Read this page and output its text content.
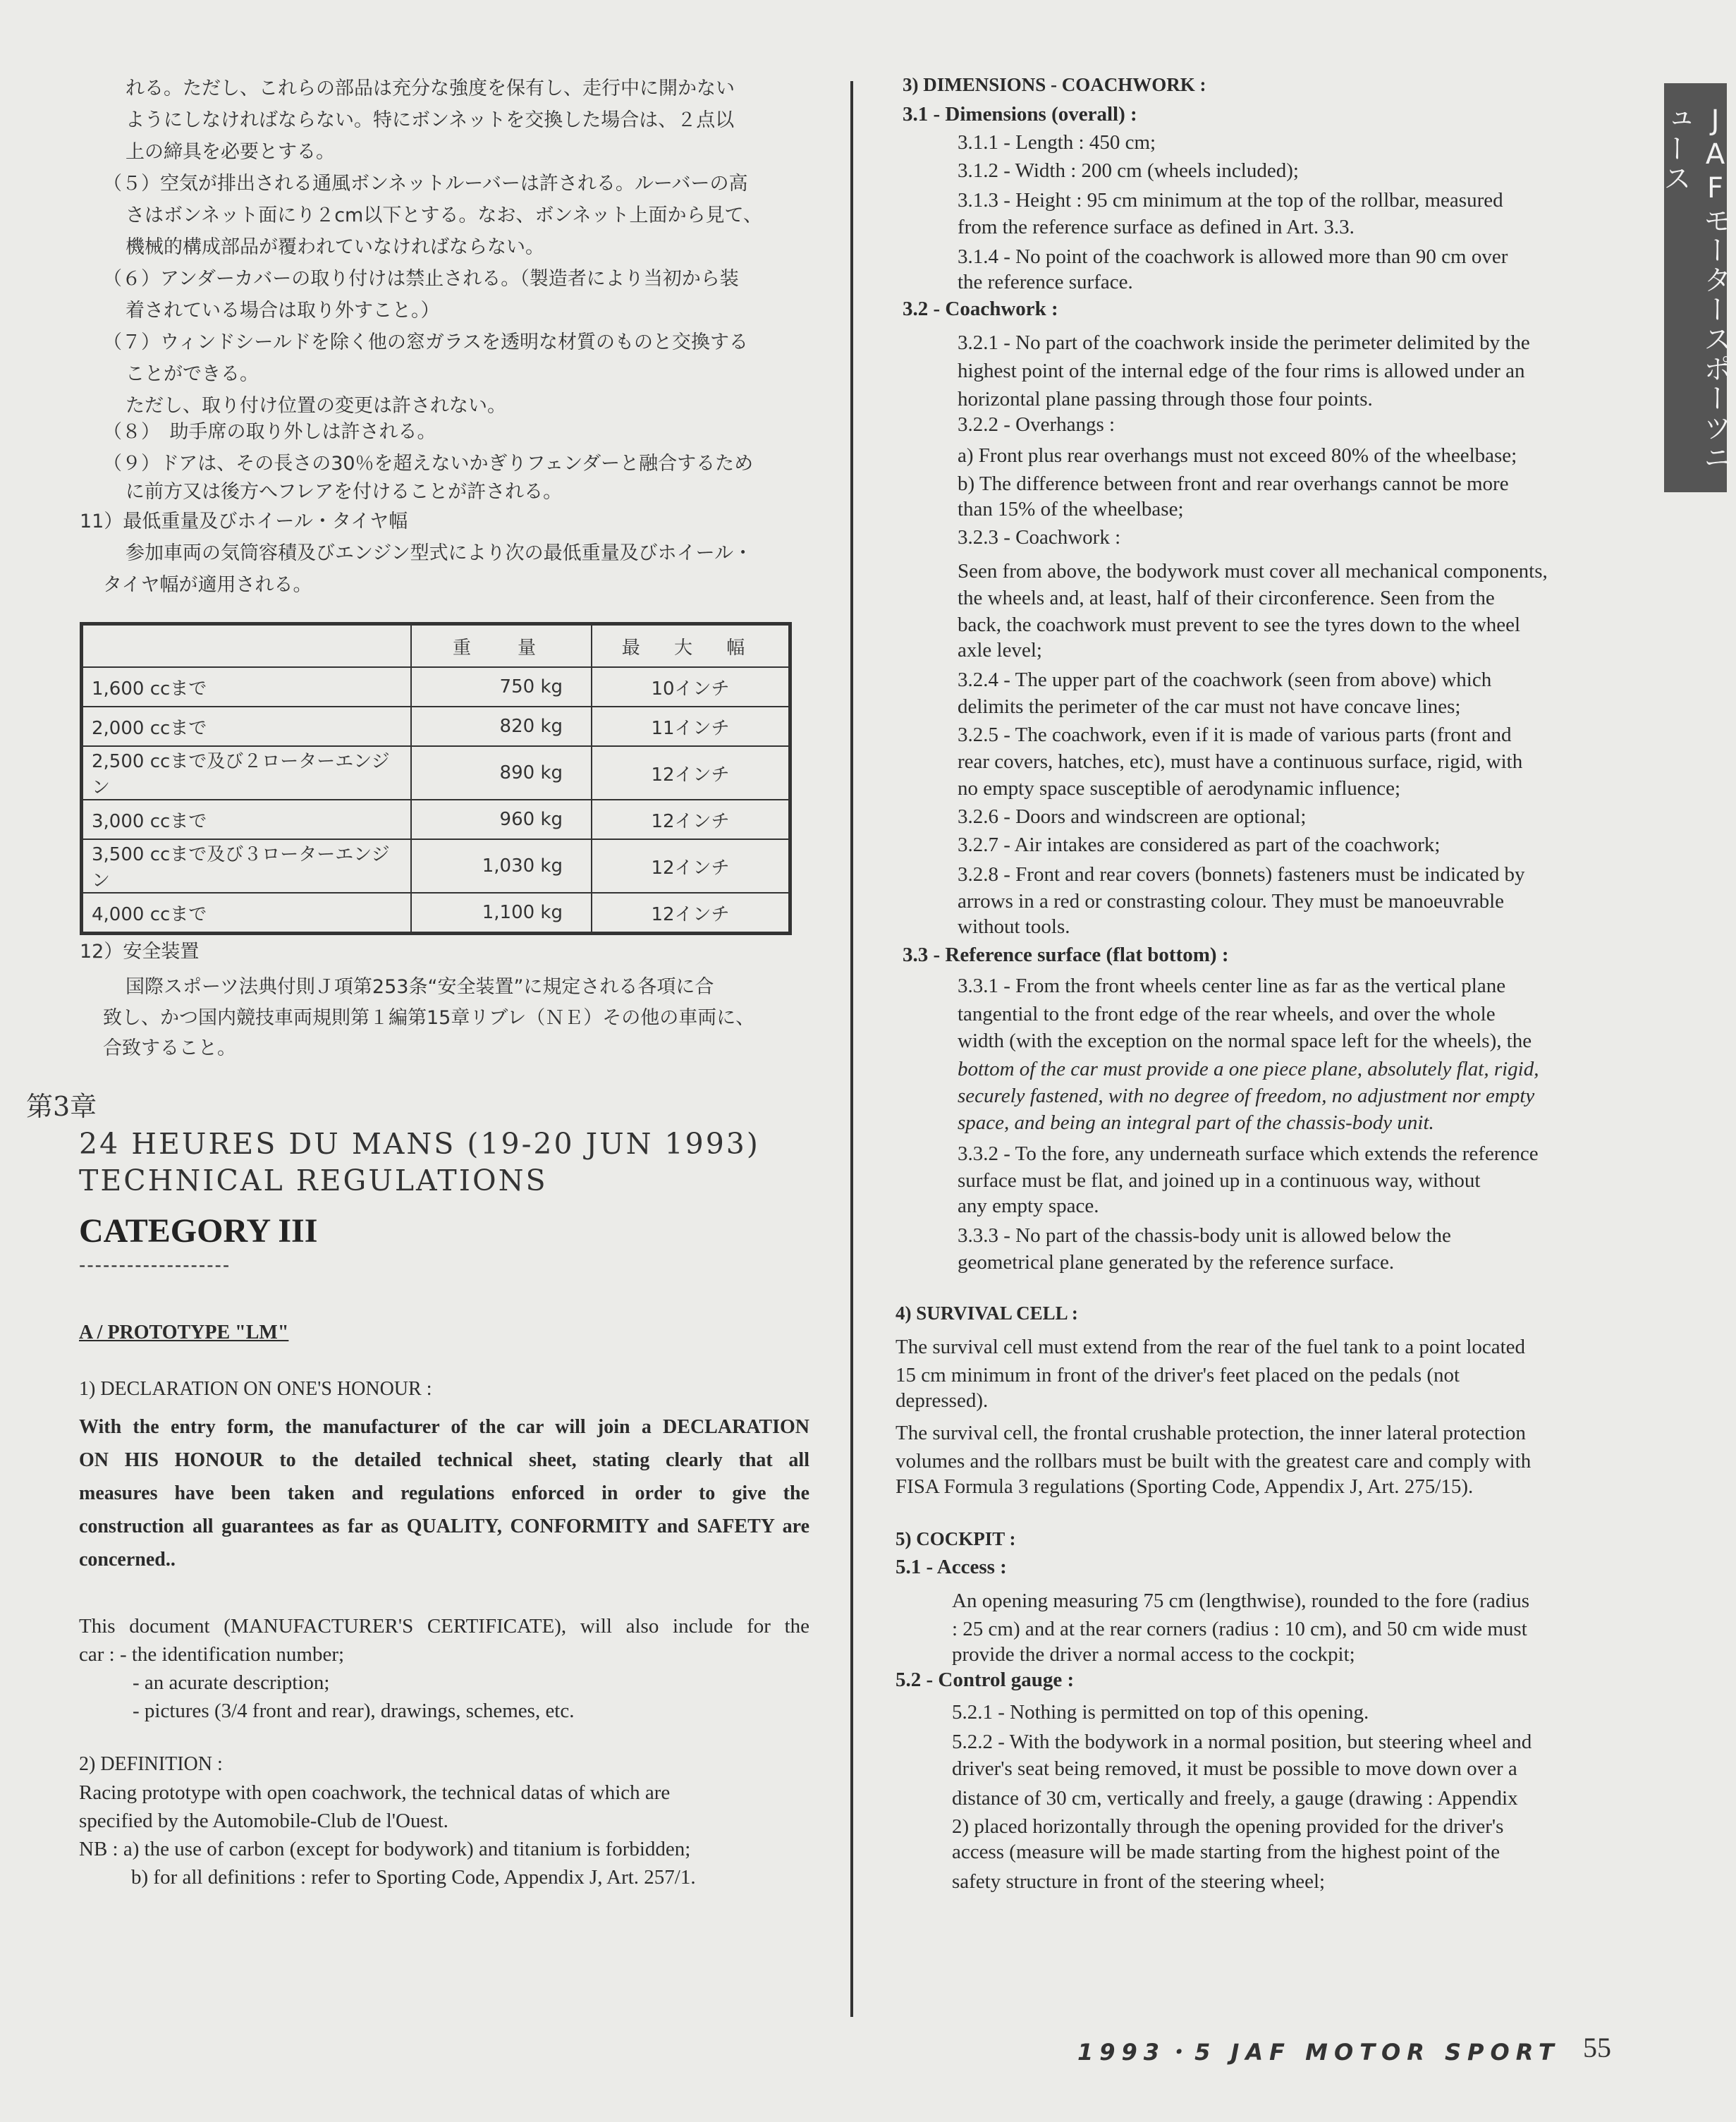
JAFモータースポーツニュース
れる。ただし、これらの部品は充分な強度を保有し、走行中に開かない
ようにしなければならない。特にボンネットを交換した場合は、２点以
上の締具を必要とする。
（５）空気が排出される通風ボンネットルーバーは許される。ルーバーの高
さはボンネット面にり２cm以下とする。なお、ボンネット上面から見て、
機械的構成部品が覆われていなければならない。
（６）アンダーカバーの取り付けは禁止される。（製造者により当初から装
着されている場合は取り外すこと。）
（７）ウィンドシールドを除く他の窓ガラスを透明な材質のものと交換する
ことができる。
ただし、取り付け位置の変更は許されない。
（８）　助手席の取り外しは許される。
（９）ドアは、その長さの30％を超えないかぎりフェンダーと融合するため
に前方又は後方へフレアを付けることが許される。
11）最低重量及びホイール・タイヤ幅
参加車両の気筒容積及びエンジン型式により次の最低重量及びホイール・
タイヤ幅が適用される。
	重　量	最 大 幅
1,600 ccまで	750 kg	10インチ
2,000 ccまで	820 kg	11インチ
2,500 ccまで及び２ローターエンジン	890 kg	12インチ
3,000 ccまで	960 kg	12インチ
3,500 ccまで及び３ローターエンジン	1,030 kg	12インチ
4,000 ccまで	1,100 kg	12インチ
12）安全装置
国際スポーツ法典付則Ｊ項第253条“安全装置”に規定される各項に合
致し、かつ国内競技車両規則第１編第15章リブレ（ＮＥ）その他の車両に、
合致すること。
第3章
24 HEURES DU MANS (19-20 JUN 1993)
TECHNICAL REGULATIONS
CATEGORY III
-------------------
A / PROTOTYPE "LM"
1) DECLARATION ON ONE'S HONOUR :
With the entry form, the manufacturer of the car will join a DECLARATION
ON HIS HONOUR to the detailed technical sheet, stating clearly that all
measures have been taken and regulations enforced in order to give the
construction all guarantees as far as QUALITY, CONFORMITY and SAFETY are
concerned..
This document (MANUFACTURER'S CERTIFICATE), will also include for the
car : - the identification number;
- an acurate description;
- pictures (3/4 front and rear), drawings, schemes, etc.
2) DEFINITION :
Racing prototype with open coachwork, the technical datas of which are
specified by the Automobile-Club de l'Ouest.
NB : a) the use of carbon (except for bodywork) and titanium is forbidden;
b) for all definitions : refer to Sporting Code, Appendix J, Art. 257/1.
3) DIMENSIONS - COACHWORK :
3.1 - Dimensions (overall) :
3.1.1 - Length : 450 cm;
3.1.2 - Width : 200 cm (wheels included);
3.1.3 - Height : 95 cm minimum at the top of the rollbar, measured
from the reference surface as defined in Art. 3.3.
3.1.4 - No point of the coachwork is allowed more than 90 cm over
the reference surface.
3.2 - Coachwork :
3.2.1 - No part of the coachwork inside the perimeter delimited by the
highest point of the internal edge of the four rims is allowed under an
horizontal plane passing through those four points.
3.2.2 - Overhangs :
a) Front plus rear overhangs must not exceed 80% of the wheelbase;
b) The difference between front and rear overhangs cannot be more
than 15% of the wheelbase;
3.2.3 - Coachwork :
Seen from above, the bodywork must cover all mechanical components,
the wheels and, at least, half of their circonference. Seen from the
back, the coachwork must prevent to see the tyres down to the wheel
axle level;
3.2.4 - The upper part of the coachwork (seen from above) which
delimits the perimeter of the car must not have concave lines;
3.2.5 - The coachwork, even if it is made of various parts (front and
rear covers, hatches, etc), must have a continuous surface, rigid, with
no empty space susceptible of aerodynamic influence;
3.2.6 - Doors and windscreen are optional;
3.2.7 - Air intakes are considered as part of the coachwork;
3.2.8 - Front and rear covers (bonnets) fasteners must be indicated by
arrows in a red or constrasting colour. They must be manoeuvrable
without tools.
3.3 - Reference surface (flat bottom) :
3.3.1 - From the front wheels center line as far as the vertical plane
tangential to the front edge of the rear wheels, and over the whole
width (with the exception on the normal space left for the wheels), the
bottom of the car must provide a one piece plane, absolutely flat, rigid,
securely fastened, with no degree of freedom, no adjustment nor empty
space, and being an integral part of the chassis-body unit.
3.3.2 - To the fore, any underneath surface which extends the reference
surface must be flat, and joined up in a continuous way, without
any empty space.
3.3.3 - No part of the chassis-body unit is allowed below the
geometrical plane generated by the reference surface.
4) SURVIVAL CELL :
The survival cell must extend from the rear of the fuel tank to a point located
15 cm minimum in front of the driver's feet placed on the pedals (not
depressed).
The survival cell, the frontal crushable protection, the inner lateral protection
volumes and the rollbars must be built with the greatest care and comply with
FISA Formula 3 regulations (Sporting Code, Appendix J, Art. 275/15).
5) COCKPIT :
5.1 - Access :
An opening measuring 75 cm (lengthwise), rounded to the fore (radius
: 25 cm) and at the rear corners (radius : 10 cm), and 50 cm wide must
provide the driver a normal access to the cockpit;
5.2 - Control gauge :
5.2.1 - Nothing is permitted on top of this opening.
5.2.2 - With the bodywork in a normal position, but steering wheel and
driver's seat being removed, it must be possible to move down over a
distance of 30 cm, vertically and freely, a gauge (drawing : Appendix
2) placed horizontally through the opening provided for the driver's
access (measure will be made starting from the highest point of the
safety structure in front of the steering wheel;
1993・5 JAF MOTOR SPORT 55
